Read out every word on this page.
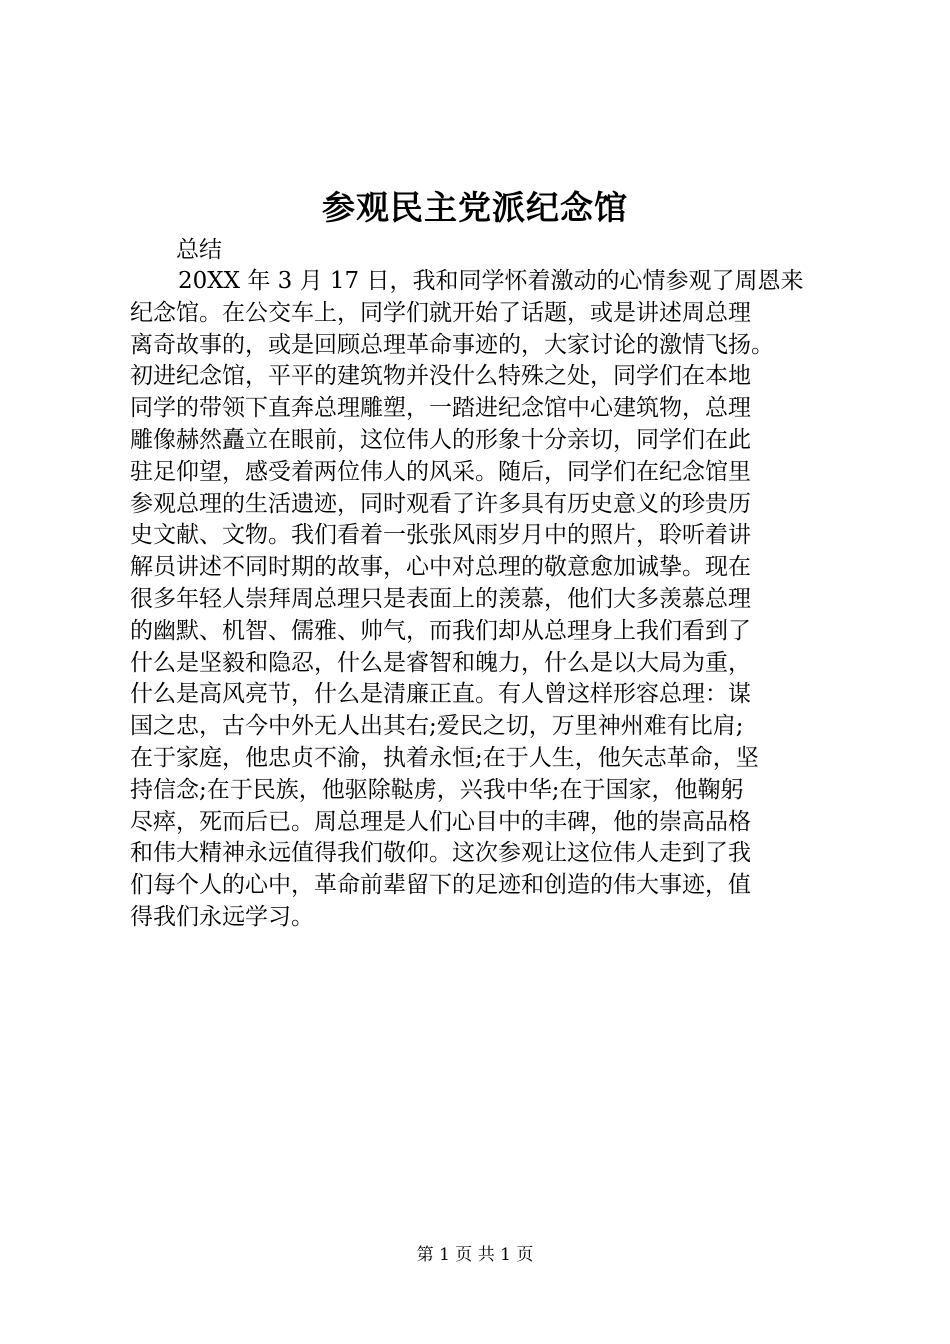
参观民主党派纪念馆
总结
20XX 年 3 月 17 日，我和同学怀着激动的心情参观了周恩来
纪念馆。在公交车上，同学们就开始了话题，或是讲述周总理
离奇故事的，或是回顾总理革命事迹的，大家讨论的激情飞扬。
初进纪念馆，平平的建筑物并没什么特殊之处，同学们在本地
同学的带领下直奔总理雕塑，一踏进纪念馆中心建筑物，总理
雕像赫然矗立在眼前，这位伟人的形象十分亲切，同学们在此
驻足仰望，感受着两位伟人的风采。随后，同学们在纪念馆里
参观总理的生活遗迹，同时观看了许多具有历史意义的珍贵历
史文献、文物。我们看着一张张风雨岁月中的照片，聆听着讲
解员讲述不同时期的故事，心中对总理的敬意愈加诚挚。现在
很多年轻人崇拜周总理只是表面上的羡慕，他们大多羡慕总理
的幽默、机智、儒雅、帅气，而我们却从总理身上我们看到了
什么是坚毅和隐忍，什么是睿智和魄力，什么是以大局为重，
什么是高风亮节，什么是清廉正直。有人曾这样形容总理：谋
国之忠，古今中外无人出其右;爱民之切，万里神州难有比肩;
在于家庭，他忠贞不渝，执着永恒;在于人生，他矢志革命，坚
持信念;在于民族，他驱除鞑虏，兴我中华;在于国家，他鞠躬
尽瘁，死而后已。周总理是人们心目中的丰碑，他的崇高品格
和伟大精神永远值得我们敬仰。这次参观让这位伟人走到了我
们每个人的心中，革命前辈留下的足迹和创造的伟大事迹，值
得我们永远学习。
第 1 页 共 1 页
